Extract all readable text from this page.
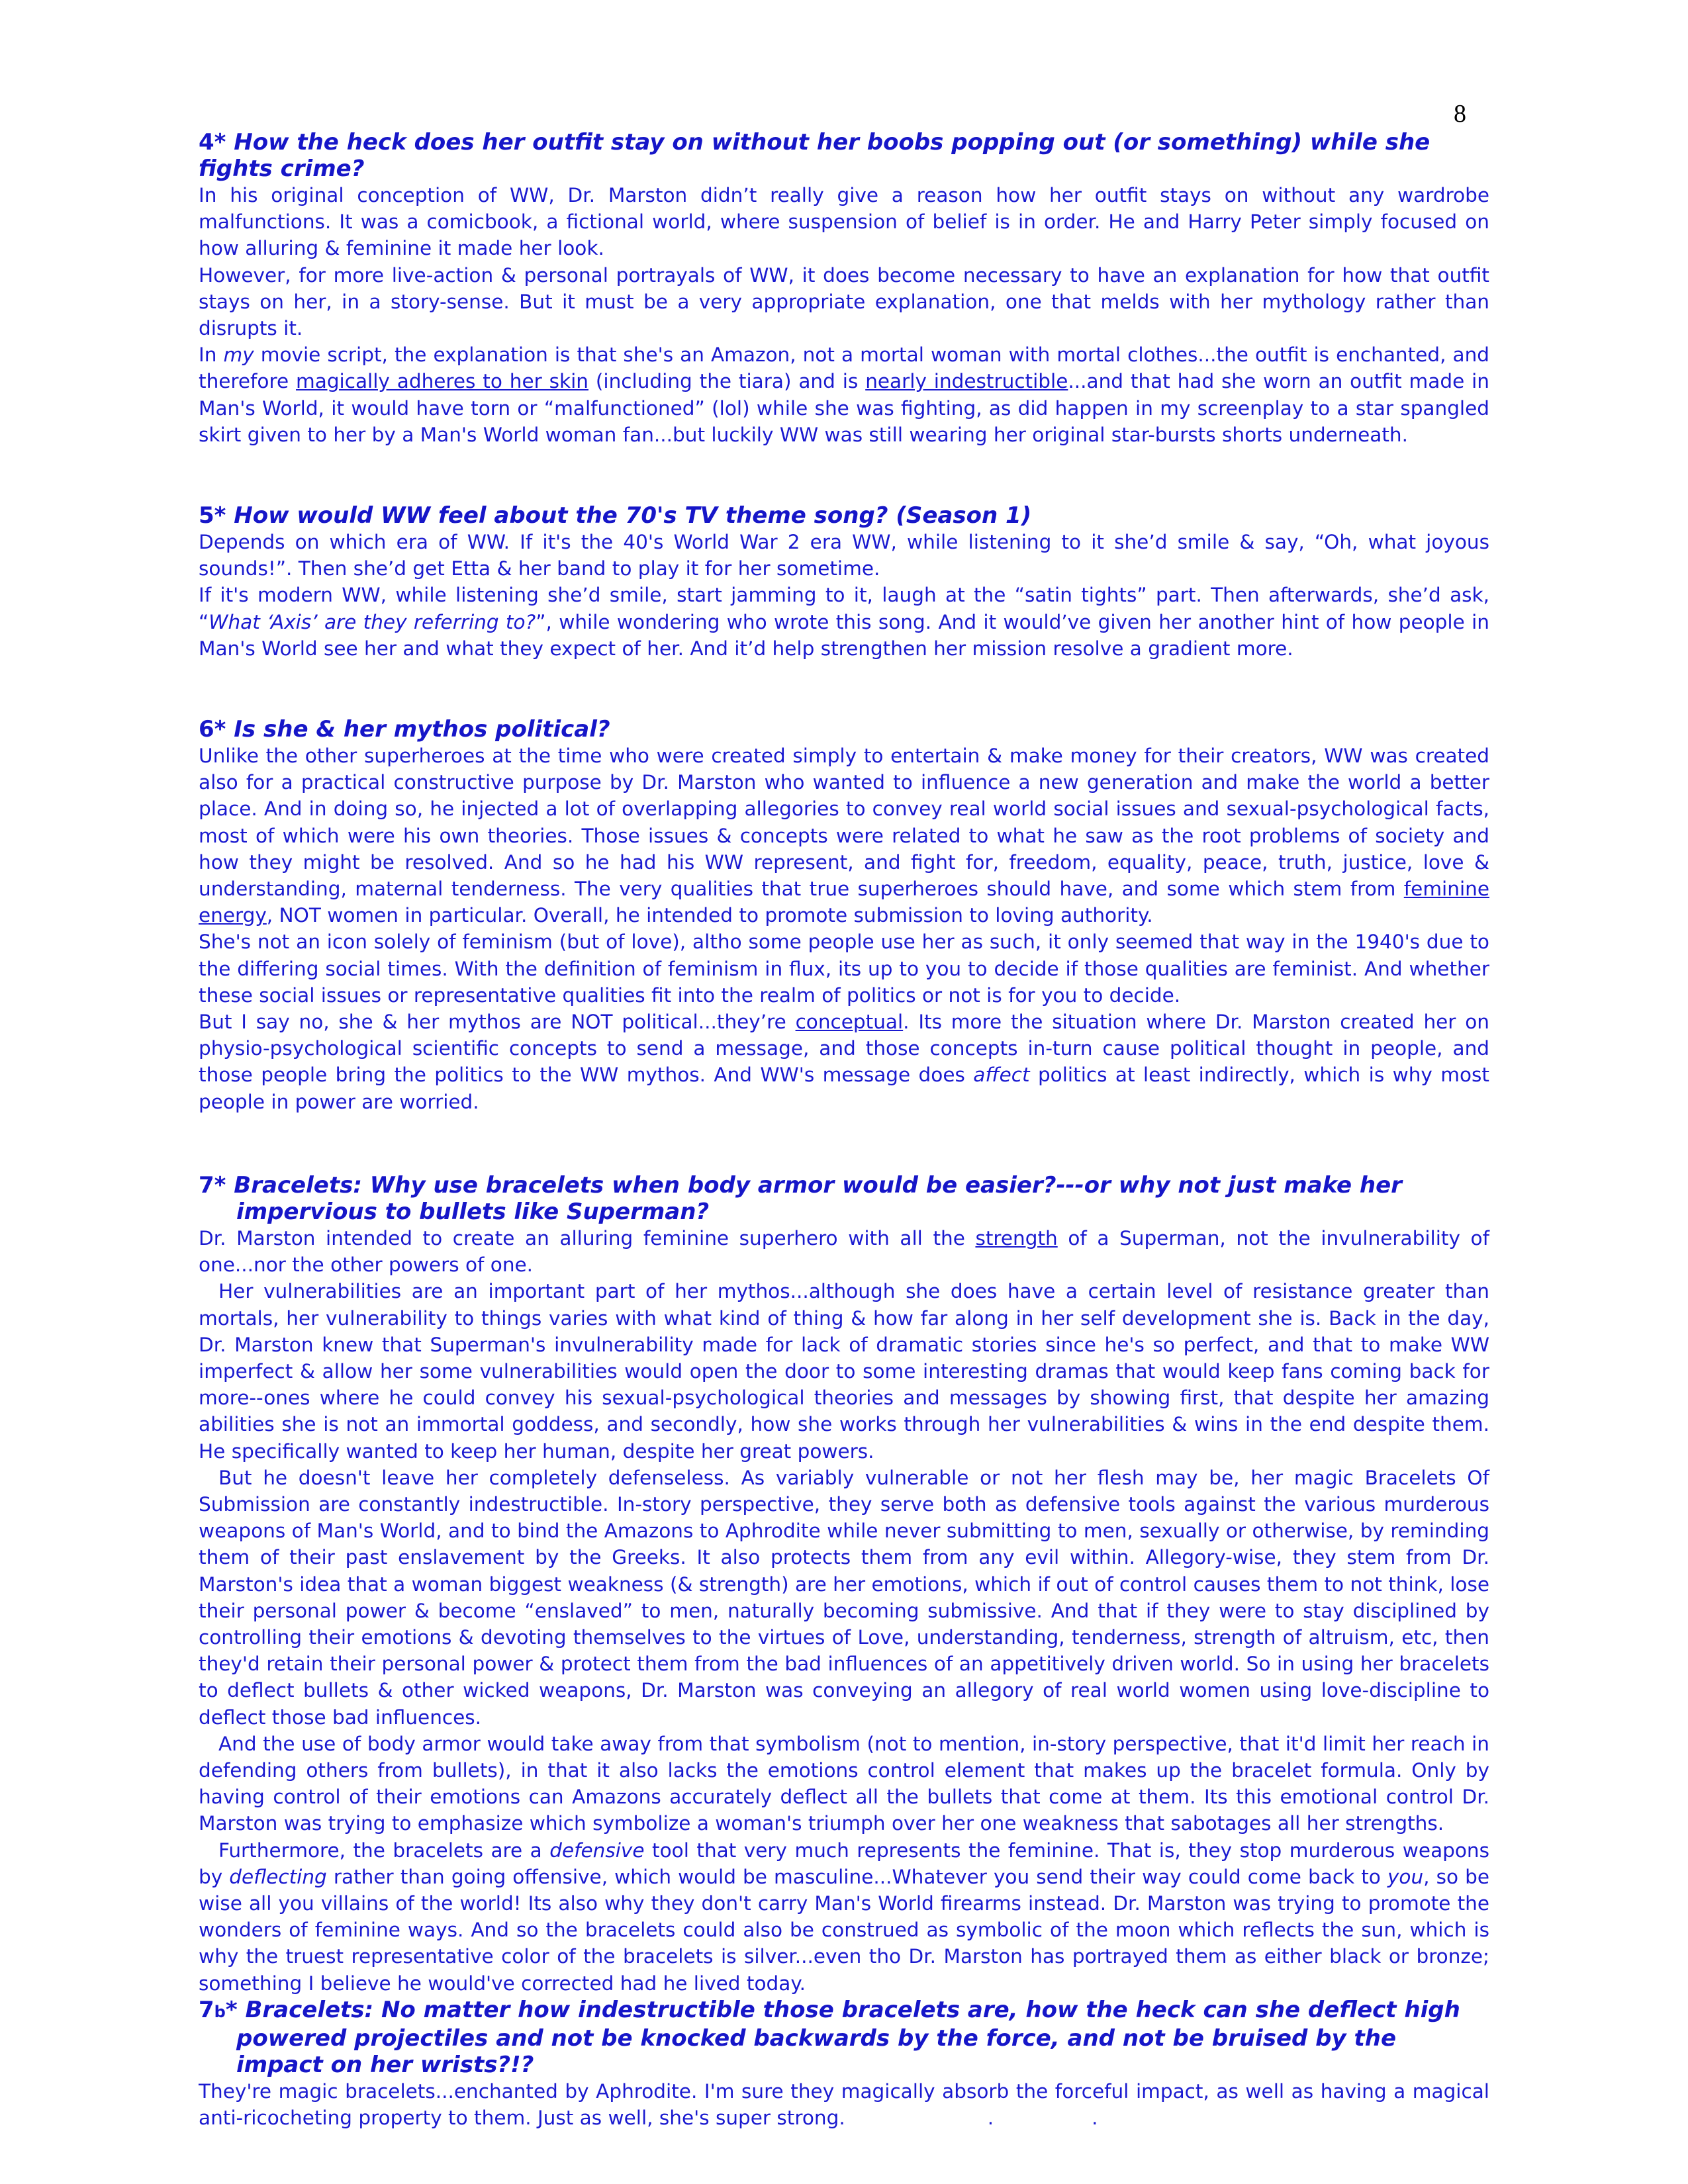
8
4* How the heck does her outfit stay on without her boobs popping out (or something) while she fights crime?

In his original conception of WW, Dr. Marston didn’t really give a reason how her outfit stays on without any wardrobe malfunctions. It was a comicbook, a fictional world, where suspension of belief is in order. He and Harry Peter simply focused on how alluring & feminine it made her look.

However, for more live-action & personal portrayals of WW, it does become necessary to have an explanation for how that outfit stays on her, in a story-sense. But it must be a very appropriate explanation, one that melds with her mythology rather than disrupts it.

In my movie script, the explanation is that she's an Amazon, not a mortal woman with mortal clothes...the outfit is enchanted, and therefore magically adheres to her skin (including the tiara) and is nearly indestructible...and that had she worn an outfit made in Man's World, it would have torn or “malfunctioned” (lol) while she was fighting, as did happen in my screenplay to a star spangled skirt given to her by a Man's World woman fan...but luckily WW was still wearing her original star-bursts shorts underneath.

5* How would WW feel about the 70's TV theme song? (Season 1)

Depends on which era of WW. If it's the 40's World War 2 era WW, while listening to it she’d smile & say, “Oh, what joyous sounds!”. Then she’d get Etta & her band to play it for her sometime.

If it's modern WW, while listening she’d smile, start jamming to it, laugh at the “satin tights” part. Then afterwards, she’d ask, “What ‘Axis’ are they referring to?”, while wondering who wrote this song. And it would’ve given her another hint of how people in Man's World see her and what they expect of her. And it’d help strengthen her mission resolve a gradient more.

6* Is she & her mythos political?

Unlike the other superheroes at the time who were created simply to entertain & make money for their creators, WW was created also for a practical constructive purpose by Dr. Marston who wanted to influence a new generation and make the world a better place. And in doing so, he injected a lot of overlapping allegories to convey real world social issues and sexual-psychological facts, most of which were his own theories. Those issues & concepts were related to what he saw as the root problems of society and how they might be resolved. And so he had his WW represent, and fight for, freedom, equality, peace, truth, justice, love & understanding, maternal tenderness. The very qualities that true superheroes should have, and some which stem from feminine energy, NOT women in particular. Overall, he intended to promote submission to loving authority.

She's not an icon solely of feminism (but of love), altho some people use her as such, it only seemed that way in the 1940's due to the differing social times. With the definition of feminism in flux, its up to you to decide if those qualities are feminist. And whether these social issues or representative qualities fit into the realm of politics or not is for you to decide.

But I say no, she & her mythos are NOT political...they’re conceptual. Its more the situation where Dr. Marston created her on physio-psychological scientific concepts to send a message, and those concepts in-turn cause political thought in people, and those people bring the politics to the WW mythos. And WW's message does affect politics at least indirectly, which is why most people in power are worried.

7* Bracelets: Why use bracelets when body armor would be easier?---or why not just make her impervious to bullets like Superman?

Dr. Marston intended to create an alluring feminine superhero with all the strength of a Superman, not the invulnerability of one...nor the other powers of one.

Her vulnerabilities are an important part of her mythos...although she does have a certain level of resistance greater than mortals, her vulnerability to things varies with what kind of thing & how far along in her self development she is. Back in the day, Dr. Marston knew that Superman's invulnerability made for lack of dramatic stories since he's so perfect, and that to make WW imperfect & allow her some vulnerabilities would open the door to some interesting dramas that would keep fans coming back for more--ones where he could convey his sexual-psychological theories and messages by showing first, that despite her amazing abilities she is not an immortal goddess, and secondly, how she works through her vulnerabilities & wins in the end despite them. He specifically wanted to keep her human, despite her great powers.

But he doesn't leave her completely defenseless. As variably vulnerable or not her flesh may be, her magic Bracelets Of Submission are constantly indestructible. In-story perspective, they serve both as defensive tools against the various murderous weapons of Man's World, and to bind the Amazons to Aphrodite while never submitting to men, sexually or otherwise, by reminding them of their past enslavement by the Greeks. It also protects them from any evil within. Allegory-wise, they stem from Dr. Marston's idea that a woman biggest weakness (& strength) are her emotions, which if out of control causes them to not think, lose their personal power & become “enslaved” to men, naturally becoming submissive. And that if they were to stay disciplined by controlling their emotions & devoting themselves to the virtues of Love, understanding, tenderness, strength of altruism, etc, then they'd retain their personal power & protect them from the bad influences of an appetitively driven world. So in using her bracelets to deflect bullets & other wicked weapons, Dr. Marston was conveying an allegory of real world women using love-discipline to deflect those bad influences.

And the use of body armor would take away from that symbolism (not to mention, in-story perspective, that it'd limit her reach in defending others from bullets), in that it also lacks the emotions control element that makes up the bracelet formula. Only by having control of their emotions can Amazons accurately deflect all the bullets that come at them. Its this emotional control Dr. Marston was trying to emphasize which symbolize a woman's triumph over her one weakness that sabotages all her strengths.

Furthermore, the bracelets are a defensive tool that very much represents the feminine. That is, they stop murderous weapons by deflecting rather than going offensive, which would be masculine...Whatever you send their way could come back to you, so be wise all you villains of the world! Its also why they don't carry Man's World firearms instead. Dr. Marston was trying to promote the wonders of feminine ways. And so the bracelets could also be construed as symbolic of the moon which reflects the sun, which is why the truest representative color of the bracelets is silver...even tho Dr. Marston has portrayed them as either black or bronze; something I believe he would've corrected had he lived today.

7b* Bracelets: No matter how indestructible those bracelets are, how the heck can she deflect high powered projectiles and not be knocked backwards by the force, and not be bruised by the impact on her wrists?!?

They're magic bracelets...enchanted by Aphrodite. I'm sure they magically absorb the forceful impact, as well as having a magical anti-ricocheting property to them. Just as well, she's super strong.	.	.
